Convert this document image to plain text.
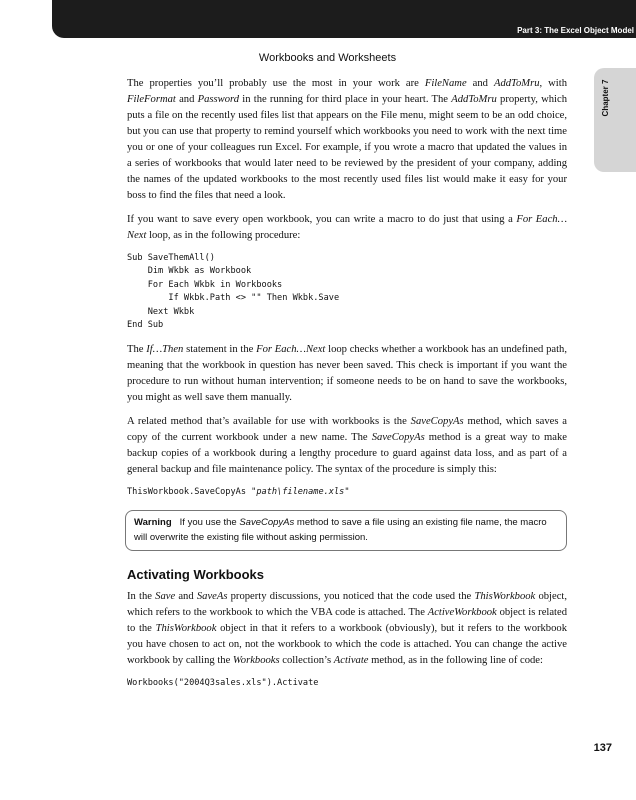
Part 3: The Excel Object Model
Workbooks and Worksheets
Chapter 7

The properties you’ll probably use the most in your work are FileName and AddToMru, with FileFormat and Password in the running for third place in your heart. The AddToMru property, which puts a file on the recently used files list that appears on the File menu, might seem to be an odd choice, but you can use that property to remind yourself which workbooks you need to work with the next time you or one of your colleagues run Excel. For example, if you wrote a macro that updated the values in a series of workbooks that would later need to be reviewed by the president of your company, adding the names of the updated workbooks to the most recently used files list would make it easy for your boss to find the files that need a look.

If you want to save every open workbook, you can write a macro to do just that using a For Each…Next loop, as in the following procedure:

Sub SaveThemAll()
Dim Wkbk as Workbook
For Each Wkbk in Workbooks
If Wkbk.Path <> "" Then Wkbk.Save
Next Wkbk
End Sub

The If…Then statement in the For Each…Next loop checks whether a workbook has an undefined path, meaning that the workbook in question has never been saved. This check is important if you want the procedure to run without human intervention; if someone needs to be on hand to save the workbooks, you might as well save them manually.

A related method that’s available for use with workbooks is the SaveCopyAs method, which saves a copy of the current workbook under a new name. The SaveCopyAs method is a great way to make backup copies of a workbook during a lengthy procedure to guard against data loss, and as part of a general backup and file maintenance policy. The syntax of the procedure is simply this:

ThisWorkbook.SaveCopyAs "path\filename.xls"
Warning If you use the SaveCopyAs method to save a file using an existing file name, the macro will overwrite the existing file without asking permission.
Activating Workbooks

In the Save and SaveAs property discussions, you noticed that the code used the ThisWorkbook object, which refers to the workbook to which the VBA code is attached. The ActiveWorkbook object is related to the ThisWorkbook object in that it refers to a workbook (obviously), but it refers to the workbook you have chosen to act on, not the workbook to which the code is attached. You can change the active workbook by calling the Workbooks collection’s Activate method, as in the following line of code:

Workbooks("2004Q3sales.xls").Activate
137
